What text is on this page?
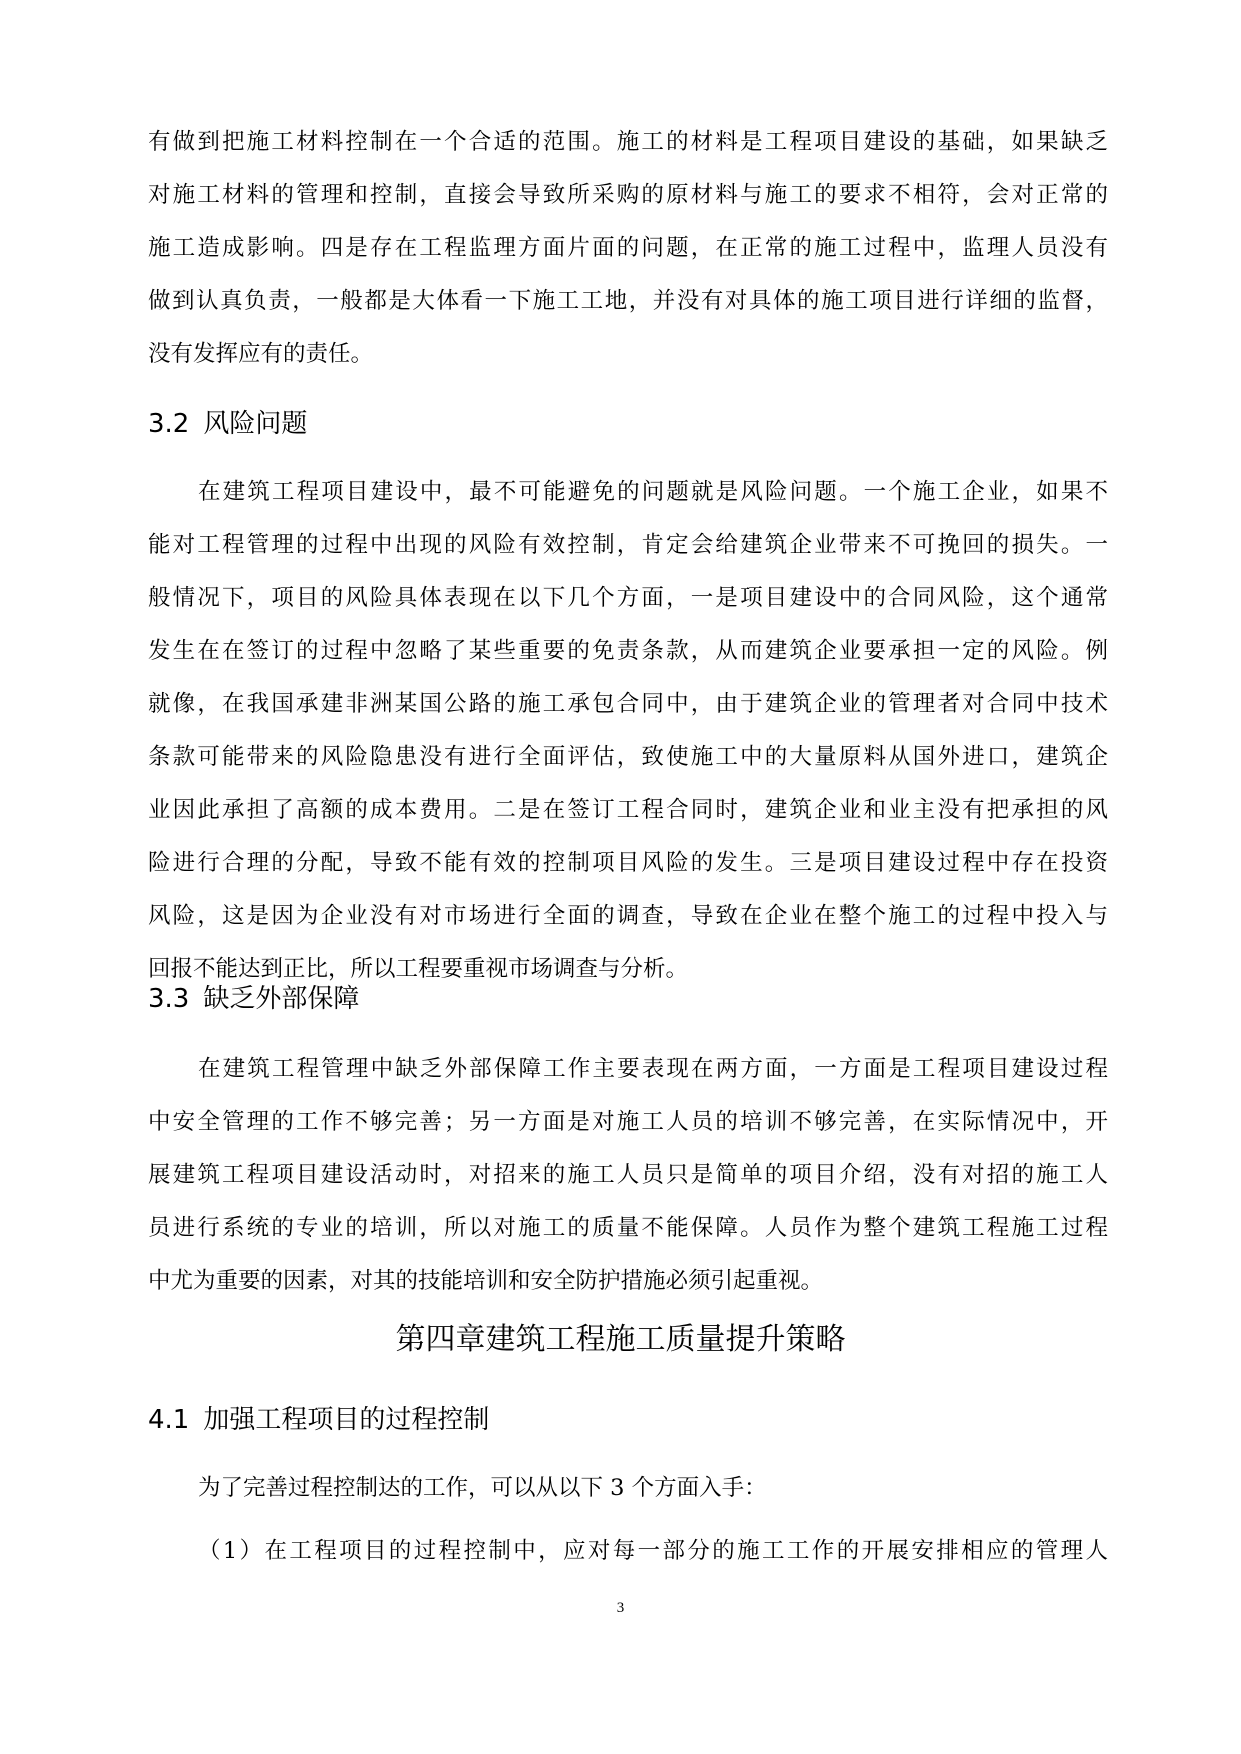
有做到把施工材料控制在一个合适的范围。施工的材料是工程项目建设的基础，如果缺乏
对施工材料的管理和控制，直接会导致所采购的原材料与施工的要求不相符，会对正常的
施工造成影响。四是存在工程监理方面片面的问题，在正常的施工过程中，监理人员没有
做到认真负责，一般都是大体看一下施工工地，并没有对具体的施工项目进行详细的监督，
没有发挥应有的责任。
3.2 风险问题
在建筑工程项目建设中，最不可能避免的问题就是风险问题。一个施工企业，如果不
能对工程管理的过程中出现的风险有效控制，肯定会给建筑企业带来不可挽回的损失。一
般情况下，项目的风险具体表现在以下几个方面，一是项目建设中的合同风险，这个通常
发生在在签订的过程中忽略了某些重要的免责条款，从而建筑企业要承担一定的风险。例
就像，在我国承建非洲某国公路的施工承包合同中，由于建筑企业的管理者对合同中技术
条款可能带来的风险隐患没有进行全面评估，致使施工中的大量原料从国外进口，建筑企
业因此承担了高额的成本费用。二是在签订工程合同时，建筑企业和业主没有把承担的风
险进行合理的分配，导致不能有效的控制项目风险的发生。三是项目建设过程中存在投资
风险，这是因为企业没有对市场进行全面的调查，导致在企业在整个施工的过程中投入与
回报不能达到正比，所以工程要重视市场调查与分析。
3.3 缺乏外部保障
在建筑工程管理中缺乏外部保障工作主要表现在两方面，一方面是工程项目建设过程
中安全管理的工作不够完善；另一方面是对施工人员的培训不够完善，在实际情况中，开
展建筑工程项目建设活动时，对招来的施工人员只是简单的项目介绍，没有对招的施工人
员进行系统的专业的培训，所以对施工的质量不能保障。人员作为整个建筑工程施工过程
中尤为重要的因素，对其的技能培训和安全防护措施必须引起重视。
第四章建筑工程施工质量提升策略
4.1 加强工程项目的过程控制
为了完善过程控制达的工作，可以从以下 3 个方面入手：
（1）在工程项目的过程控制中，应对每一部分的施工工作的开展安排相应的管理人
3
